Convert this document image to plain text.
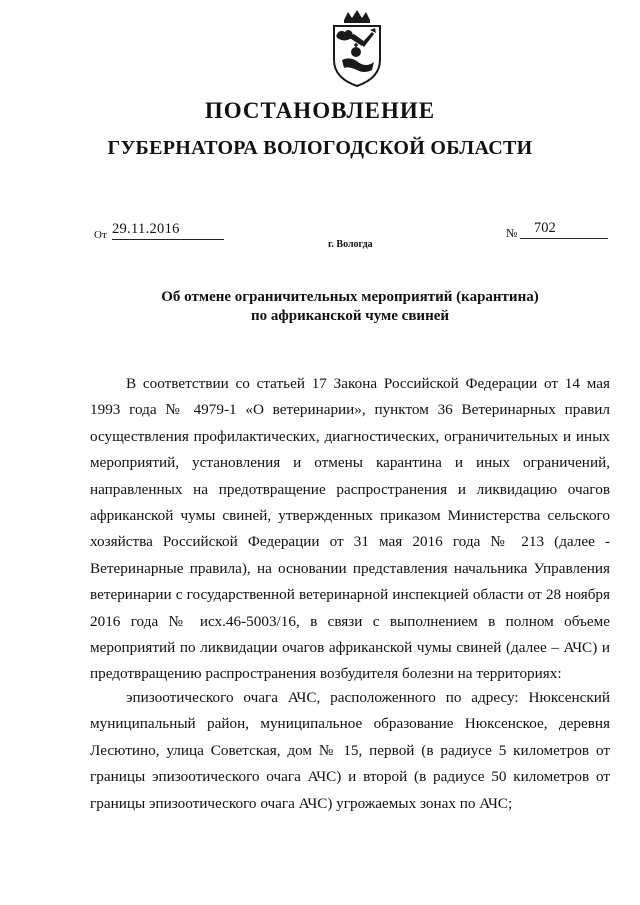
ПОСТАНОВЛЕНИЕ
ГУБЕРНАТОРА ВОЛОГОДСКОЙ ОБЛАСТИ
От 29.11.2016	№	702
г. Вологда
Об отмене ограничительных мероприятий (карантина)
по африканской чуме свиней

В соответствии со статьей 17 Закона Российской Федерации от 14 мая 1993 года № 4979-1 «О ветеринарии», пунктом 36 Ветеринарных правил осуществления профилактических, диагностических, ограничительных и иных мероприятий, установления и отмены карантина и иных ограничений, направленных на предотвращение распространения и ликвидацию очагов африканской чумы свиней, утвержденных приказом Министерства сельского хозяйства Российской Федерации от 31 мая 2016 года № 213 (далее - Ветеринарные правила), на основании представления начальника Управления ветеринарии с государственной ветеринарной инспекцией области от 28 ноября 2016 года № исх.46-5003/16, в связи с выполнением в полном объеме мероприятий по ликвидации очагов африканской чумы свиней (далее – АЧС) и предотвращению распространения возбудителя болезни на территориях:

эпизоотического очага АЧС, расположенного по адресу: Нюксенский муниципальный район, муниципальное образование Нюксенское, деревня Лесютино, улица Советская, дом № 15, первой (в радиусе 5 километров от границы эпизоотического очага АЧС) и второй (в радиусе 50 километров от границы эпизоотического очага АЧС) угрожаемых зонах по АЧС;
